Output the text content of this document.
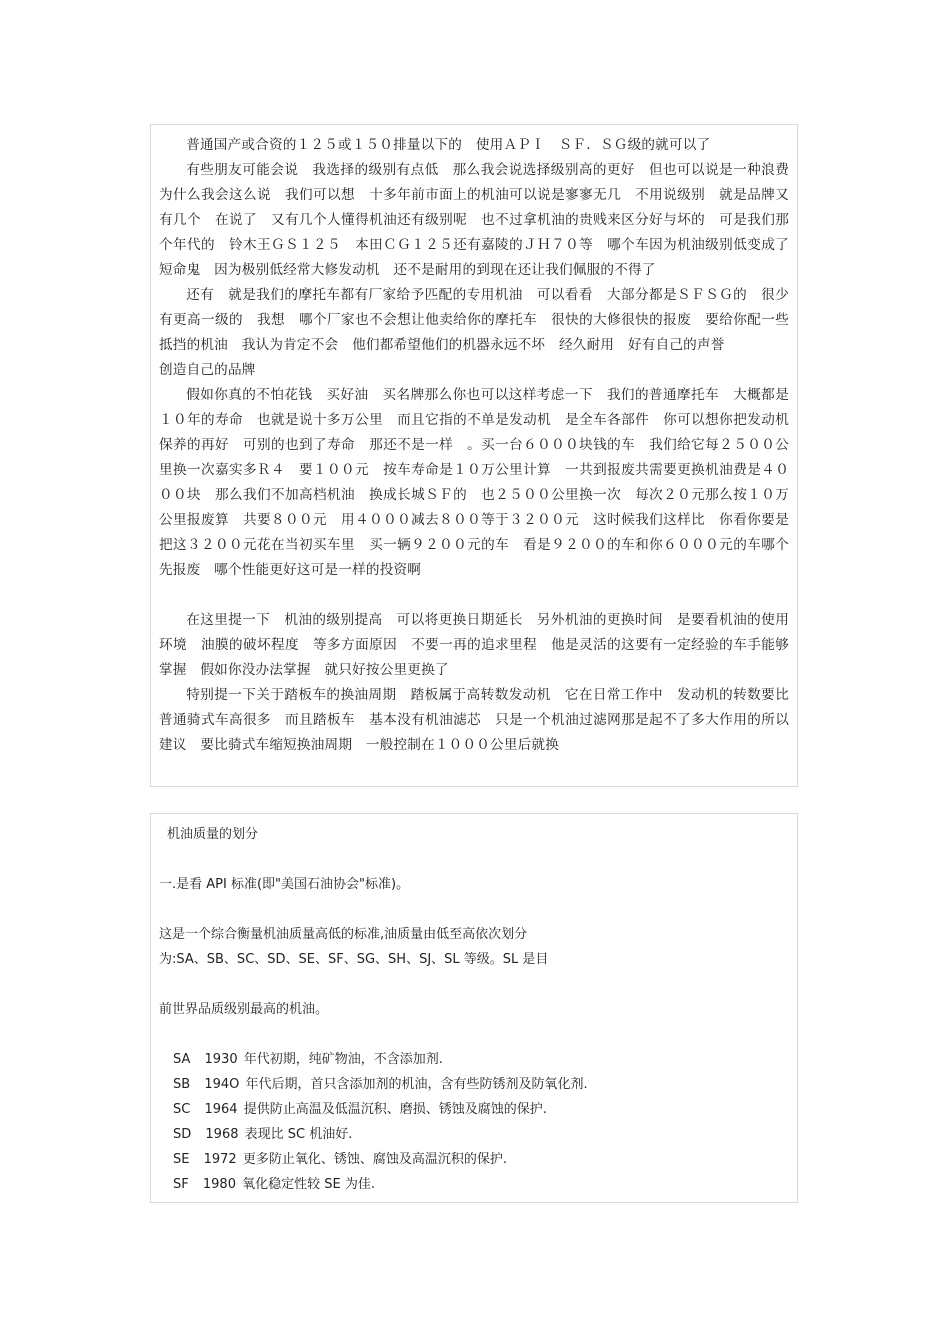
普通国产或合资的１２５或１５０排量以下的　使用ＡＰＩ　ＳＦ．ＳＧ级的就可以了

有些朋友可能会说　我选择的级别有点低　那么我会说选择级别高的更好　但也可以说是一种浪费　为什么我会这么说　我们可以想　十多年前市面上的机油可以说是寥寥无几　不用说级别　就是品牌又有几个　在说了　又有几个人懂得机油还有级别呢　也不过拿机油的贵贱来区分好与坏的　可是我们那个年代的　铃木王ＧＳ１２５　本田ＣＧ１２５还有嘉陵的ＪＨ７０等　哪个车因为机油级别低变成了短命鬼　因为极别低经常大修发动机　还不是耐用的到现在还让我们佩服的不得了

还有　就是我们的摩托车都有厂家给予匹配的专用机油　可以看看　大部分都是ＳＦＳＧ的　很少有更高一级的　我想　哪个厂家也不会想让他卖给你的摩托车　很快的大修很快的报废　要给你配一些抵挡的机油　我认为肯定不会　他们都希望他们的机器永远不坏　经久耐用　好有自己的声誉

创造自己的品牌

假如你真的不怕花钱　买好油　买名牌那么你也可以这样考虑一下　我们的普通摩托车　大概都是１０年的寿命　也就是说十多万公里　而且它指的不单是发动机　是全车各部件　你可以想你把发动机保养的再好　可别的也到了寿命　那还不是一样　。买一台６０００块钱的车　我们给它每２５００公里换一次嘉实多Ｒ４　要１００元　按车寿命是１０万公里计算　一共到报废共需要更换机油费是４０００块　那么我们不加高档机油　换成长城ＳＦ的　也２５００公里换一次　每次２０元那么按１０万公里报废算　共要８００元　用４０００减去８００等于３２００元　这时候我们这样比　你看你要是把这３２００元花在当初买车里　买一辆９２００元的车　看是９２００的车和你６０００元的车哪个先报废　哪个性能更好这可是一样的投资啊

在这里提一下　机油的级别提高　可以将更换日期延长　另外机油的更换时间　是要看机油的使用环境　油膜的破坏程度　等多方面原因　不要一再的追求里程　他是灵活的这要有一定经验的车手能够掌握　假如你没办法掌握　就只好按公里更换了

特别提一下关于踏板车的换油周期　踏板属于高转数发动机　它在日常工作中　发动机的转数要比普通骑式车高很多　而且踏板车　基本没有机油滤芯　只是一个机油过滤网那是起不了多大作用的所以建议　要比骑式车缩短换油周期　一般控制在１０００公里后就换

机油质量的划分

一.是看 API 标准(即"美国石油协会"标准)。

这是一个综合衡量机油质量高低的标准,油质量由低至高依次划分

为:SA、SB、SC、SD、SE、SF、SG、SH、SJ、SL 等级。SL 是目

前世界品质级别最高的机油。

SA 1930 年代初期，纯矿物油，不含添加剂.
SB 194O 年代后期，首只含添加剂的机油，含有些防锈剂及防氧化剂.
SC 1964 提供防止高温及低温沉积、磨损、锈蚀及腐蚀的保护.
SD 1968 表现比 SC 机油好.
SE 1972 更多防止氧化、锈蚀、腐蚀及高温沉积的保护.
SF 1980 氧化稳定性较 SE 为佳.
